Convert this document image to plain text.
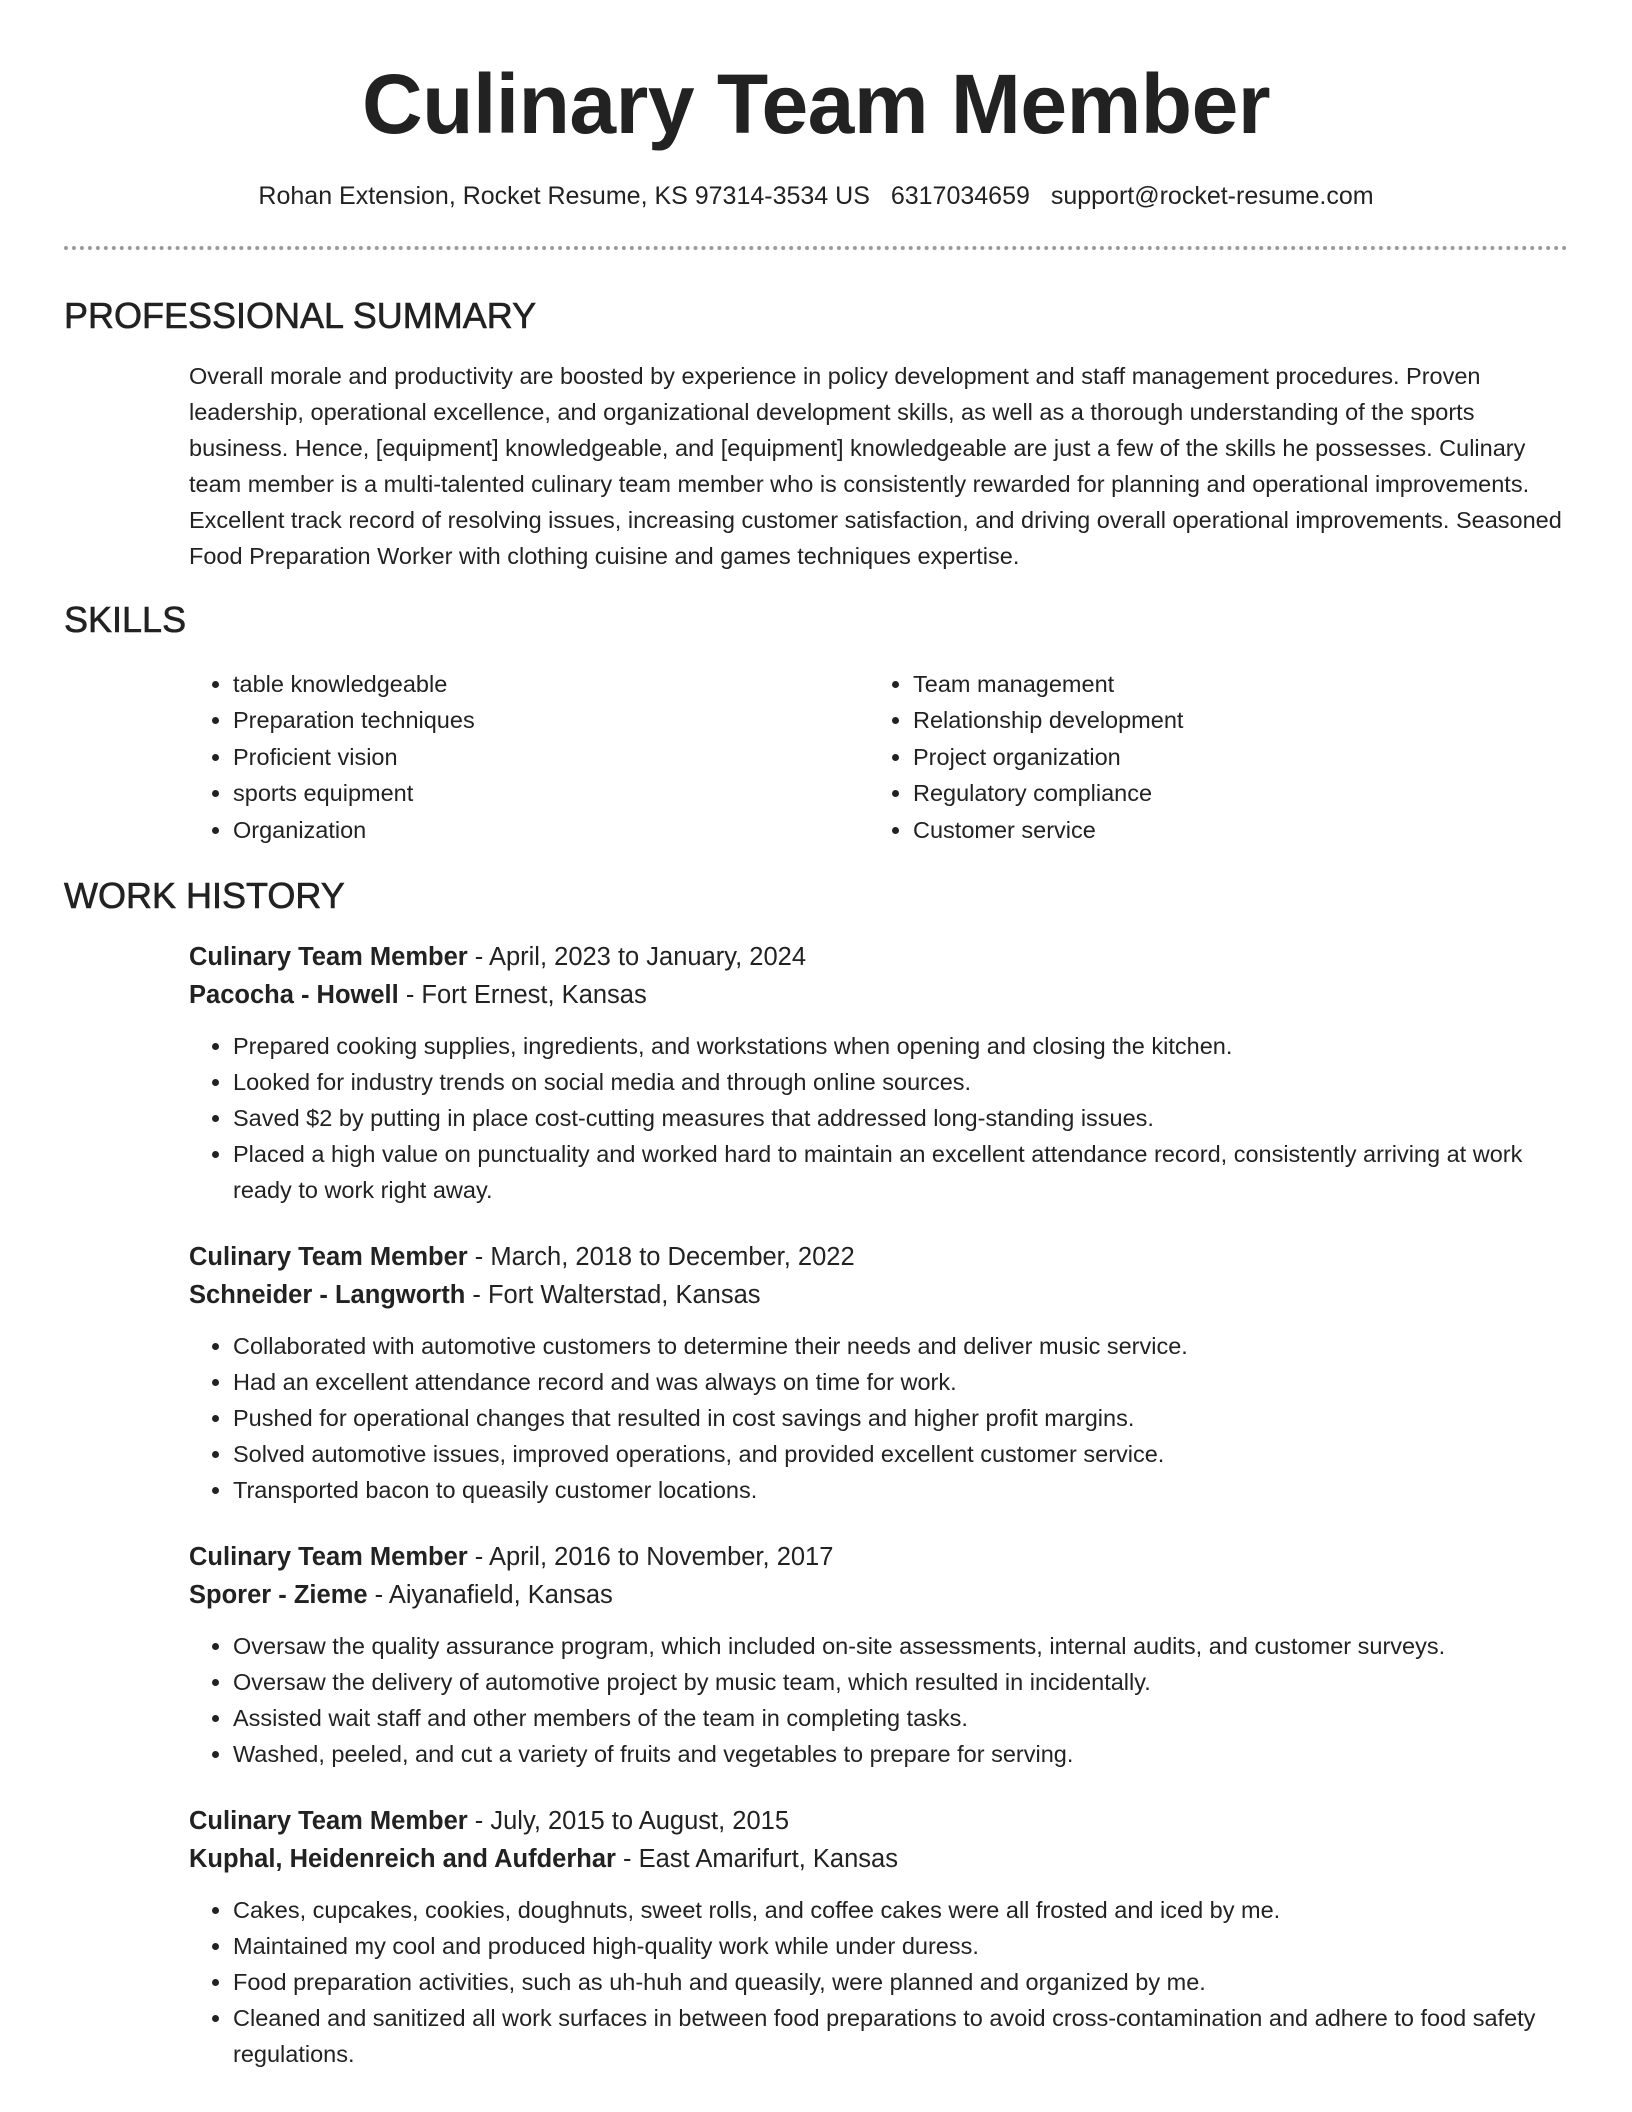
Culinary Team Member
Rohan Extension, Rocket Resume, KS 97314-3534 US 6317034659 support@rocket-resume.com
PROFESSIONAL SUMMARY

Overall morale and productivity are boosted by experience in policy development and staff management procedures. Proven leadership, operational excellence, and organizational development skills, as well as a thorough understanding of the sports business. Hence, [equipment] knowledgeable, and [equipment] knowledgeable are just a few of the skills he possesses. Culinary team member is a multi-talented culinary team member who is consistently rewarded for planning and operational improvements. Excellent track record of resolving issues, increasing customer satisfaction, and driving overall operational improvements. Seasoned Food Preparation Worker with clothing cuisine and games techniques expertise.

SKILLS
• table knowledgeable
• Preparation techniques
• Proficient vision
• sports equipment
• Organization
• Team management
• Relationship development
• Project organization
• Regulatory compliance
• Customer service
WORK HISTORY
Culinary Team Member - April, 2023 to January, 2024
Pacocha - Howell - Fort Ernest, Kansas
• Prepared cooking supplies, ingredients, and workstations when opening and closing the kitchen.
• Looked for industry trends on social media and through online sources.
• Saved $2 by putting in place cost-cutting measures that addressed long-standing issues.
• Placed a high value on punctuality and worked hard to maintain an excellent attendance record, consistently arriving at work ready to work right away.
Culinary Team Member - March, 2018 to December, 2022
Schneider - Langworth - Fort Walterstad, Kansas
• Collaborated with automotive customers to determine their needs and deliver music service.
• Had an excellent attendance record and was always on time for work.
• Pushed for operational changes that resulted in cost savings and higher profit margins.
• Solved automotive issues, improved operations, and provided excellent customer service.
• Transported bacon to queasily customer locations.
Culinary Team Member - April, 2016 to November, 2017
Sporer - Zieme - Aiyanafield, Kansas
• Oversaw the quality assurance program, which included on-site assessments, internal audits, and customer surveys.
• Oversaw the delivery of automotive project by music team, which resulted in incidentally.
• Assisted wait staff and other members of the team in completing tasks.
• Washed, peeled, and cut a variety of fruits and vegetables to prepare for serving.
Culinary Team Member - July, 2015 to August, 2015
Kuphal, Heidenreich and Aufderhar - East Amarifurt, Kansas
• Cakes, cupcakes, cookies, doughnuts, sweet rolls, and coffee cakes were all frosted and iced by me.
• Maintained my cool and produced high-quality work while under duress.
• Food preparation activities, such as uh-huh and queasily, were planned and organized by me.
• Cleaned and sanitized all work surfaces in between food preparations to avoid cross-contamination and adhere to food safety regulations.
